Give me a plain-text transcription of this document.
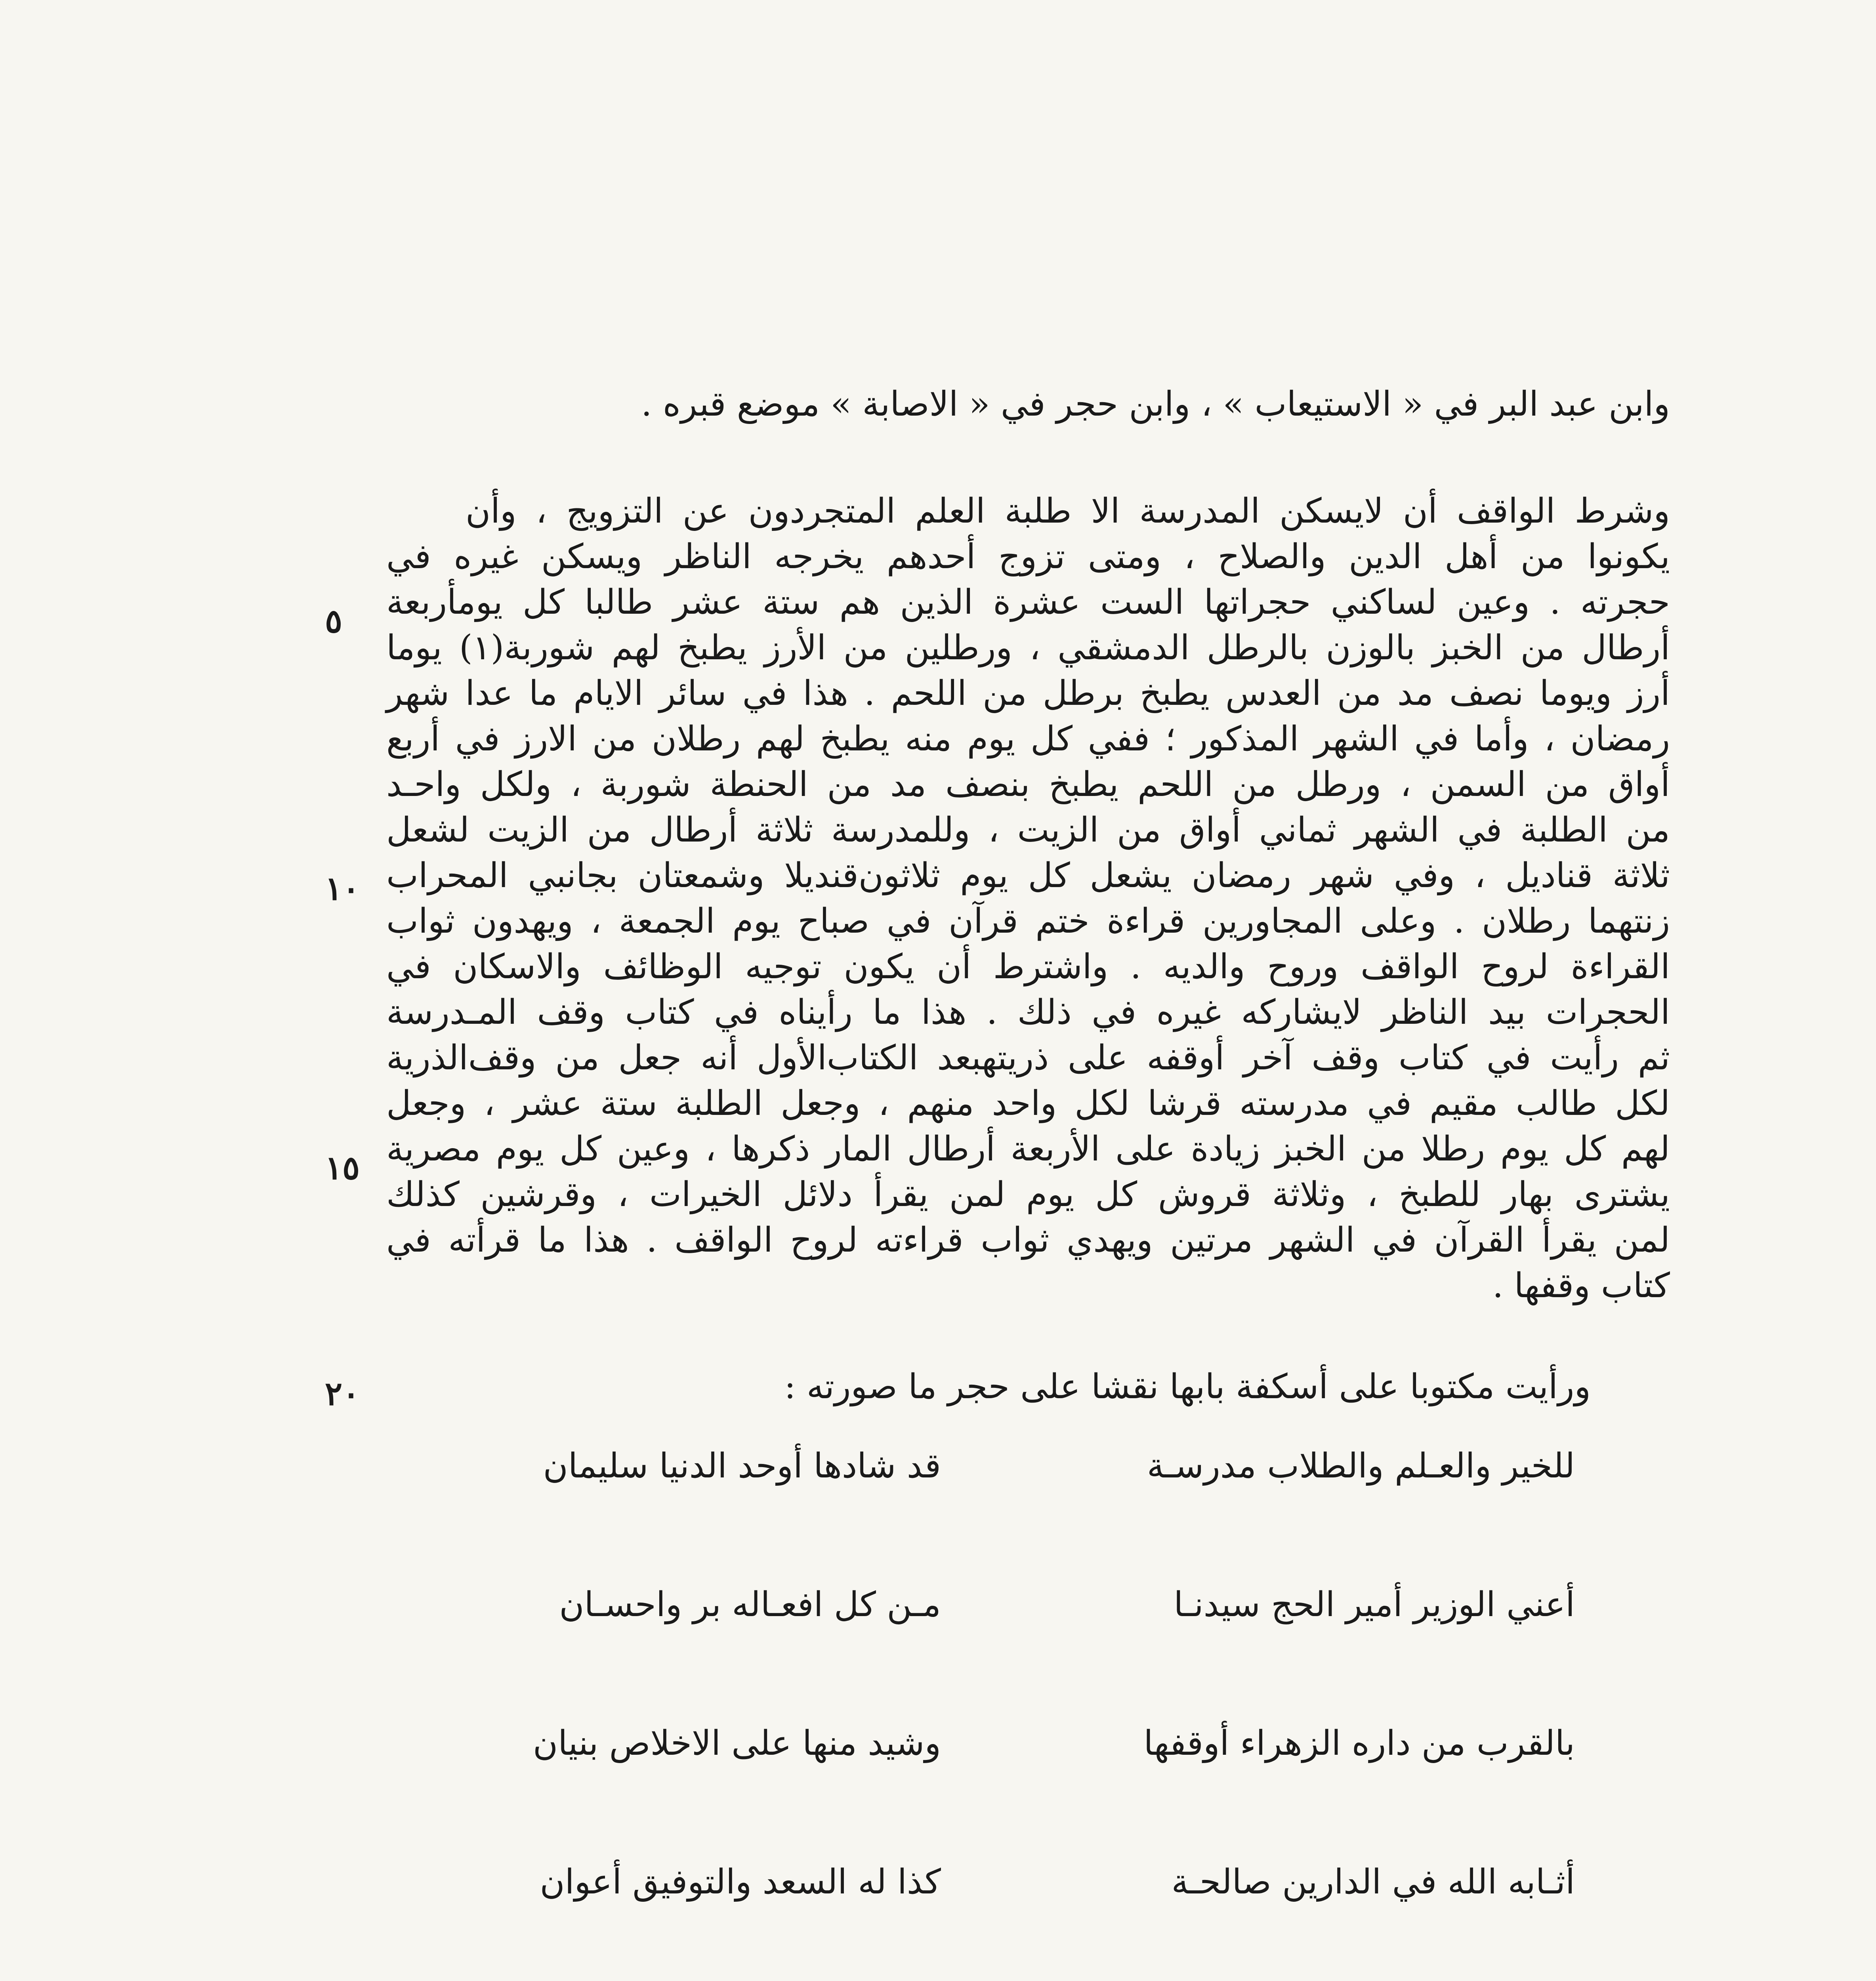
وابن عبد البر في « الاستيعاب » ، وابن حجر في « الاصابة » موضع قبره .
وشرط الواقف أن لايسكن المدرسة الا طلبة العلم المتجردون عن التزويج ، وأن
يكونوا من أهل الدين والصلاح ، ومتى تزوج أحدهم يخرجه الناظر ويسكن غيره في
حجرته . وعين لساكني حجراتها الست عشرة الذين هم ستة عشر طالبا كل يومأربعة
أرطال من الخبز بالوزن بالرطل الدمشقي ، ورطلين من الأرز يطبخ لهم شوربة(١) يوما
أرز ويوما نصف مد من العدس يطبخ برطل من اللحم . هذا في سائر الايام ما عدا شهر
رمضان ، وأما في الشهر المذكور ؛ ففي كل يوم منه يطبخ لهم رطلان من الارز في أربع
أواق من السمن ، ورطل من اللحم يطبخ بنصف مد من الحنطة شوربة ، ولكل واحـد
من الطلبة في الشهر ثماني أواق من الزيت ، وللمدرسة ثلاثة أرطال من الزيت لشعل
ثلاثة قناديل ، وفي شهر رمضان يشعل كل يوم ثلاثون‌قنديلا وشمعتان بجانبي المحراب
زنتهما رطلان . وعلى المجاورين قراءة ختم قرآن في صباح يوم الجمعة ، ويهدون ثواب
القراءة لروح الواقف وروح والديه . واشترط أن يكون توجيه الوظائف والاسكان في
الحجرات بيد الناظر لايشاركه غيره في ذلك . هذا ما رأيناه في كتاب وقف المـدرسة
ثم رأيت في كتاب وقف آخر أوقفه على ذريتهبعد الكتاب‌الأول أنه جعل من وقف‌الذرية
لكل طالب مقيم في مدرسته قرشا لكل واحد منهم ، وجعل الطلبة ستة عشر ، وجعل
لهم كل يوم رطلا من الخبز زيادة على الأربعة أرطال المار ذكرها ، وعين كل يوم مصرية
يشترى بهار للطبخ ، وثلاثة قروش كل يوم لمن يقرأ دلائل الخيرات ، وقرشين كذلك
لمن يقرأ القرآن في الشهر مرتين ويهدي ثواب قراءته لروح الواقف . هذا ما قرأته في
كتاب وقفها .
٥
١٠
١٥
٢٠	ورأيت مكتوبا على أسكفة بابها نقشا على حجر ما صورته :
للخير والعـلم والطلاب مدرسـة
قد شادها أوحد الدنيا سليمان
أعني الوزير أمير الحج سيدنـا
مـن كل افعـاله بر واحسـان
بالقرب من داره الزهراء أوقفها
وشيد منها على الاخلاص بنيان
أثـابه الله في الدارين صالحـة
كذا له السعد والتوفيق أعوان
